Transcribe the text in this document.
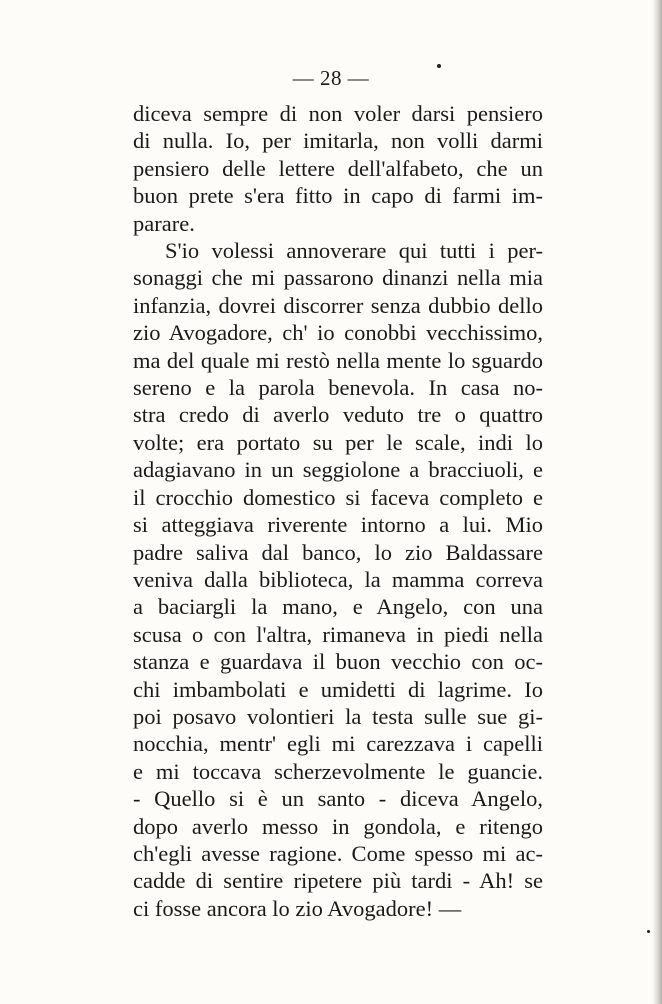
— 28 —
diceva sempre di non voler darsi pensiero
di nulla. Io, per imitarla, non volli darmi
pensiero delle lettere dell'alfabeto, che un
buon prete s'era fitto in capo di farmi im-
parare.
S'io volessi annoverare qui tutti i per-
sonaggi che mi passarono dinanzi nella mia
infanzia, dovrei discorrer senza dubbio dello
zio Avogadore, ch' io conobbi vecchissimo,
ma del quale mi restò nella mente lo sguardo
sereno e la parola benevola. In casa no-
stra credo di averlo veduto tre o quattro
volte; era portato su per le scale, indi lo
adagiavano in un seggiolone a bracciuoli, e
il crocchio domestico si faceva completo e
si atteggiava riverente intorno a lui. Mio
padre saliva dal banco, lo zio Baldassare
veniva dalla biblioteca, la mamma correva
a baciargli la mano, e Angelo, con una
scusa o con l'altra, rimaneva in piedi nella
stanza e guardava il buon vecchio con oc-
chi imbambolati e umidetti di lagrime. Io
poi posavo volontieri la testa sulle sue gi-
nocchia, mentr' egli mi carezzava i capelli
e mi toccava scherzevolmente le guancie.
- Quello si è un santo - diceva Angelo,
dopo averlo messo in gondola, e ritengo
ch'egli avesse ragione. Come spesso mi ac-
cadde di sentire ripetere più tardi - Ah! se
ci fosse ancora lo zio Avogadore! —
